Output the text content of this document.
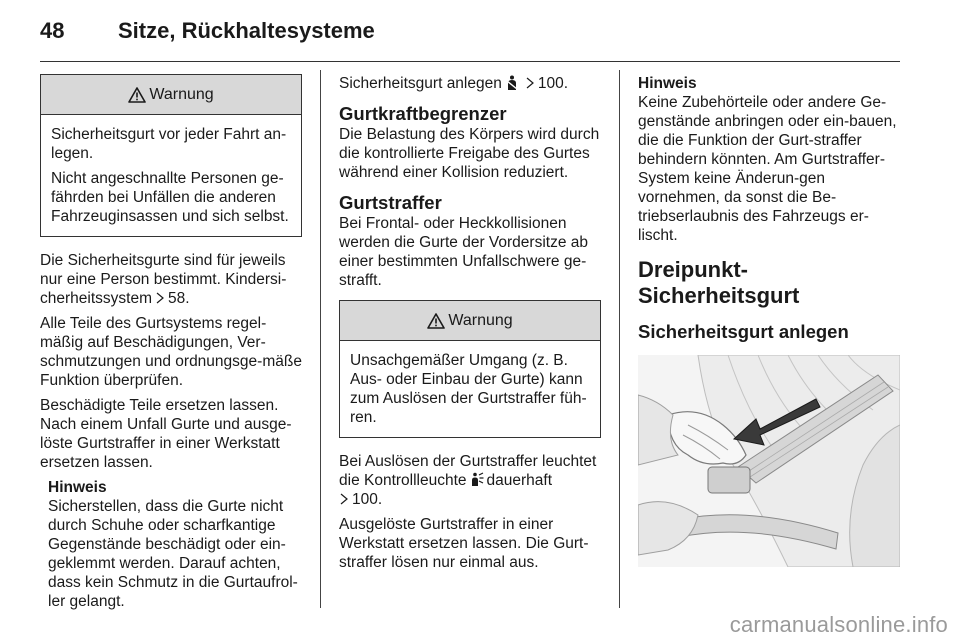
48	Sitze, Rückhaltesysteme
Warnung

Sicherheitsgurt vor jeder Fahrt an-legen.

Nicht angeschnallte Personen ge-fährden bei Unfällen die anderen Fahrzeuginsassen und sich selbst.

Die Sicherheitsgurte sind für jeweils nur eine Person bestimmt. Kindersi-cherheitssystem 58.

Alle Teile des Gurtsystems regel-mäßig auf Beschädigungen, Ver-schmutzungen und ordnungsge-mäße Funktion überprüfen.

Beschädigte Teile ersetzen lassen. Nach einem Unfall Gurte und ausge-löste Gurtstraffer in einer Werkstatt ersetzen lassen.

Hinweis
Sicherstellen, dass die Gurte nicht durch Schuhe oder scharfkantige Gegenstände beschädigt oder ein-geklemmt werden. Darauf achten, dass kein Schmutz in die Gurtaufrol-ler gelangt.

Sicherheitsgurt anlegen 100.

Gurtkraftbegrenzer

Die Belastung des Körpers wird durch die kontrollierte Freigabe des Gurtes während einer Kollision reduziert.

Gurtstraffer

Bei Frontal- oder Heckkollisionen werden die Gurte der Vordersitze ab einer bestimmten Unfallschwere ge-strafft.

Warnung

Unsachgemäßer Umgang (z. B. Aus- oder Einbau der Gurte) kann zum Auslösen der Gurtstraffer füh-ren.

Bei Auslösen der Gurtstraffer leuchtet die Kontrollleuchte dauerhaft
100.

Ausgelöste Gurtstraffer in einer Werkstatt ersetzen lassen. Die Gurt-straffer lösen nur einmal aus.

Hinweis
Keine Zubehörteile oder andere Ge-genstände anbringen oder ein-bauen, die die Funktion der Gurt-straffer behindern könnten. Am Gurtstraffer-System keine Änderun-gen vornehmen, da sonst die Be-triebserlaubnis des Fahrzeugs er-lischt.
Dreipunkt-Sicherheitsgurt
Sicherheitsgurt anlegen
carmanualsonline.info
